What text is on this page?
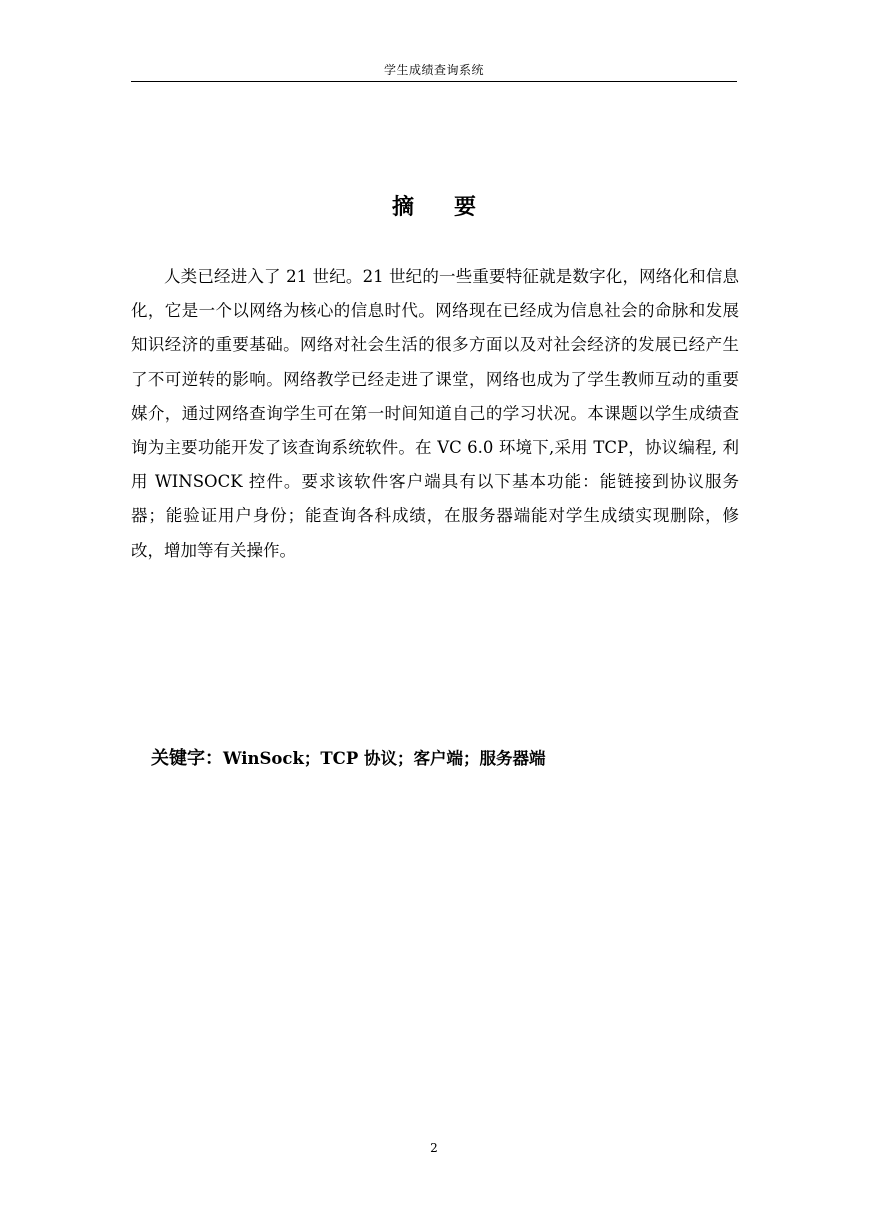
学生成绩查询系统
摘 要

人类已经进入了 21 世纪。21 世纪的一些重要特征就是数字化，网络化和信息化，它是一个以网络为核心的信息时代。网络现在已经成为信息社会的命脉和发展知识经济的重要基础。网络对社会生活的很多方面以及对社会经济的发展已经产生了不可逆转的影响。网络教学已经走进了课堂，网络也成为了学生教师互动的重要媒介，通过网络查询学生可在第一时间知道自己的学习状况。本课题以学生成绩查询为主要功能开发了该查询系统软件。在 VC 6.0 环境下,采用 TCP，协议编程, 利用 WINSOCK 控件。要求该软件客户端具有以下基本功能：能链接到协议服务器；能验证用户身份；能查询各科成绩，在服务器端能对学生成绩实现删除，修改，增加等有关操作。

关键字：WinSock；TCP 协议；客户端；服务器端
2
